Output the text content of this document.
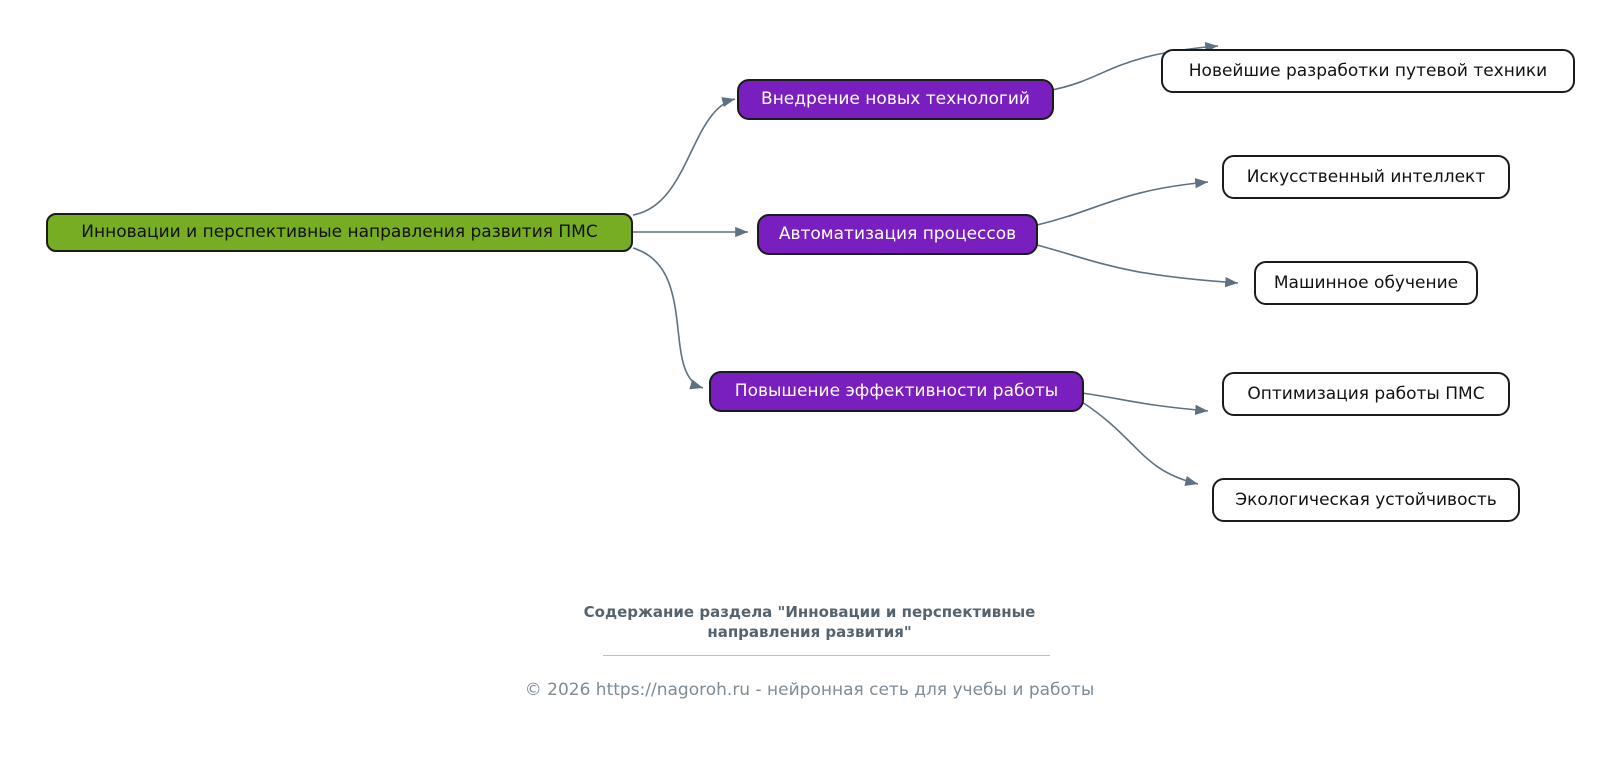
Инновации и перспективные направления развития ПМС
Внедрение новых технологий
Автоматизация процессов
Повышение эффективности работы
Новейшие разработки путевой техники
Искусственный интеллект
Машинное обучение
Оптимизация работы ПМС
Экологическая устойчивость
Содержание раздела "Инновации и перспективные
направления развития"
© 2026 https://nagoroh.ru - нейронная сеть для учебы и работы
